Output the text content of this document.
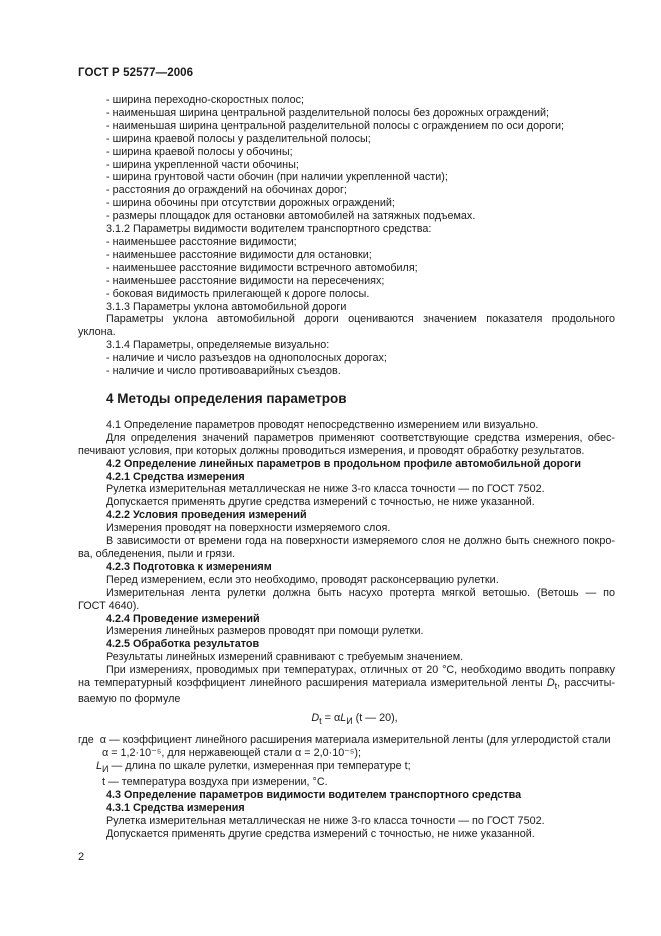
ГОСТ Р 52577—2006
- ширина переходно-скоростных полос;
- наименьшая ширина центральной разделительной полосы без дорожных ограждений;
- наименьшая ширина центральной разделительной полосы с ограждением по оси дороги;
- ширина краевой полосы у разделительной полосы;
- ширина краевой полосы у обочины;
- ширина укрепленной части обочины;
- ширина грунтовой части обочин (при наличии укрепленной части);
- расстояния до ограждений на обочинах дорог;
- ширина обочины при отсутствии дорожных ограждений;
- размеры площадок для остановки автомобилей на затяжных подъемах.
3.1.2 Параметры видимости водителем транспортного средства:
- наименьшее расстояние видимости;
- наименьшее расстояние видимости для остановки;
- наименьшее расстояние видимости встречного автомобиля;
- наименьшее расстояние видимости на пересечениях;
- боковая видимость прилегающей к дороге полосы.
3.1.3 Параметры уклона автомобильной дороги
Параметры уклона автомобильной дороги оцениваются значением показателя продольного
уклона.
3.1.4 Параметры, определяемые визуально:
- наличие и число разъездов на однополосных дорогах;
- наличие и число противоаварийных съездов.
4 Методы определения параметров
4.1 Определение параметров проводят непосредственно измерением или визуально.
Для определения значений параметров применяют соответствующие средства измерения, обес-
печивают условия, при которых должны проводиться измерения, и проводят обработку результатов.
4.2 Определение линейных параметров в продольном профиле автомобильной дороги
4.2.1 Средства измерения
Рулетка измерительная металлическая не ниже 3-го класса точности — по ГОСТ 7502.
Допускается применять другие средства измерений с точностью, не ниже указанной.
4.2.2 Условия проведения измерений
Измерения проводят на поверхности измеряемого слоя.
В зависимости от времени года на поверхности измеряемого слоя не должно быть снежного покро-
ва, обледенения, пыли и грязи.
4.2.3 Подготовка к измерениям
Перед измерением, если это необходимо, проводят расконсервацию рулетки.
Измерительная лента рулетки должна быть насухо протерта мягкой ветошью. (Ветошь — по
ГОСТ 4640).
4.2.4 Проведение измерений
Измерения линейных размеров проводят при помощи рулетки.
4.2.5 Обработка результатов
Результаты линейных измерений сравнивают с требуемым значением.
При измерениях, проводимых при температурах, отличных от 20 °С, необходимо вводить поправку
на температурный коэффициент линейного расширения материала измерительной ленты $D_t$, рассчиты-
ваемую по формуле
$D_t = \alpha L_И$ (t — 20),
где α — коэффициент линейного расширения материала измерительной ленты (для углеродистой стали
α = 1,2·10⁻⁵, для нержавеющей стали α = 2,0·10⁻⁵);
$L_И$ — длина по шкале рулетки, измеренная при температуре t;
t — температура воздуха при измерении, °С.
4.3 Определение параметров видимости водителем транспортного средства
4.3.1 Средства измерения
Рулетка измерительная металлическая не ниже 3-го класса точности — по ГОСТ 7502.
Допускается применять другие средства измерений с точностью, не ниже указанной.
2
